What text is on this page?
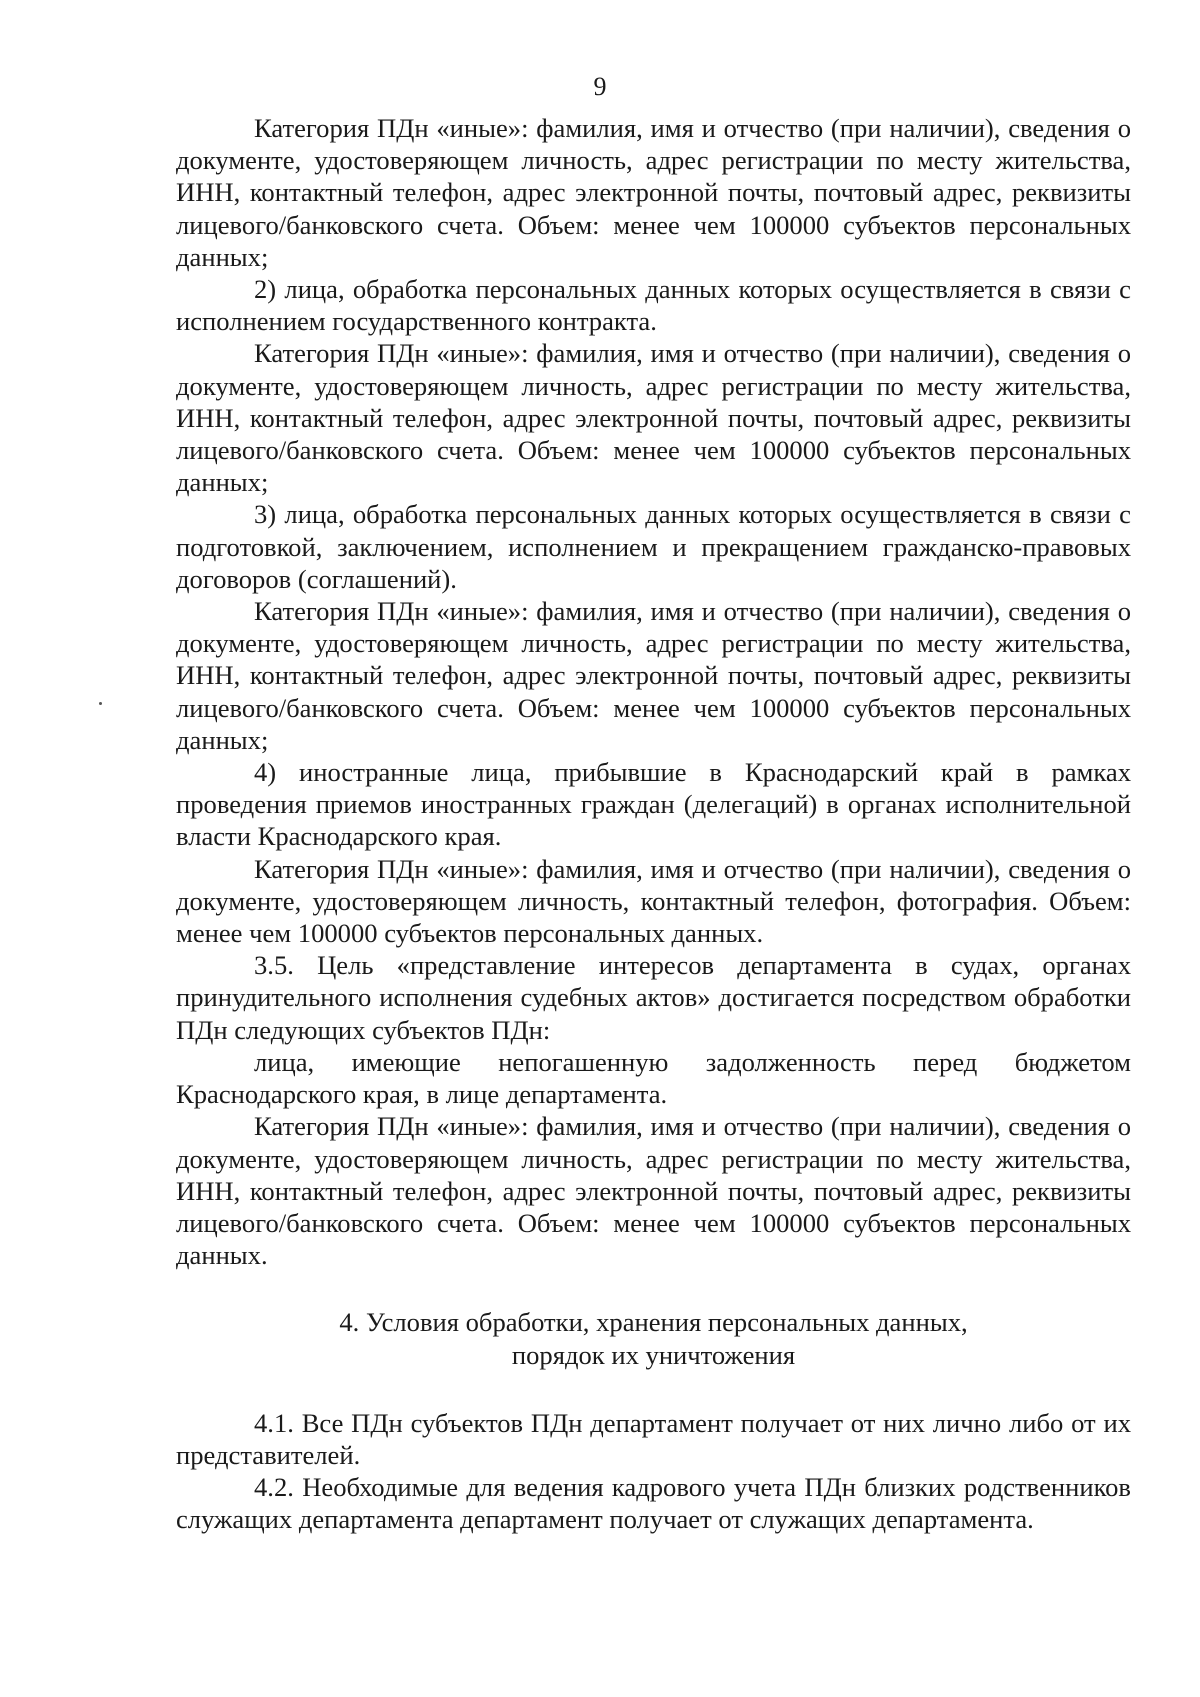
9

Категория ПДн «иные»: фамилия, имя и отчество (при наличии), сведения о документе, удостоверяющем личность, адрес регистрации по месту жительства, ИНН, контактный телефон, адрес электронной почты, почтовый адрес, реквизиты лицевого/банковского счета. Объем: менее чем 100000 субъектов персональных данных;

2) лица, обработка персональных данных которых осуществляется в связи с исполнением государственного контракта.

Категория ПДн «иные»: фамилия, имя и отчество (при наличии), сведения о документе, удостоверяющем личность, адрес регистрации по месту жительства, ИНН, контактный телефон, адрес электронной почты, почтовый адрес, реквизиты лицевого/банковского счета. Объем: менее чем 100000 субъектов персональных данных;

3) лица, обработка персональных данных которых осуществляется в связи с подготовкой, заключением, исполнением и прекращением гражданско-правовых договоров (соглашений).

Категория ПДн «иные»: фамилия, имя и отчество (при наличии), сведения о документе, удостоверяющем личность, адрес регистрации по месту жительства, ИНН, контактный телефон, адрес электронной почты, почтовый адрес, реквизиты лицевого/банковского счета. Объем: менее чем 100000 субъектов персональных данных;

4) иностранные лица, прибывшие в Краснодарский край в рамках проведения приемов иностранных граждан (делегаций) в органах исполнительной власти Краснодарского края.

Категория ПДн «иные»: фамилия, имя и отчество (при наличии), сведения о документе, удостоверяющем личность, контактный телефон, фотография. Объем: менее чем 100000 субъектов персональных данных.

3.5. Цель «представление интересов департамента в судах, органах принудительного исполнения судебных актов» достигается посредством обработки ПДн следующих субъектов ПДн:

лица, имеющие непогашенную задолженность перед бюджетом Краснодарского края, в лице департамента.

Категория ПДн «иные»: фамилия, имя и отчество (при наличии), сведения о документе, удостоверяющем личность, адрес регистрации по месту жительства, ИНН, контактный телефон, адрес электронной почты, почтовый адрес, реквизиты лицевого/банковского счета. Объем: менее чем 100000 субъектов персональных данных.

4. Условия обработки, хранения персональных данных,
порядок их уничтожения

4.1. Все ПДн субъектов ПДн департамент получает от них лично либо от их представителей.

4.2. Необходимые для ведения кадрового учета ПДн близких родственников служащих департамента департамент получает от служащих департамента.
